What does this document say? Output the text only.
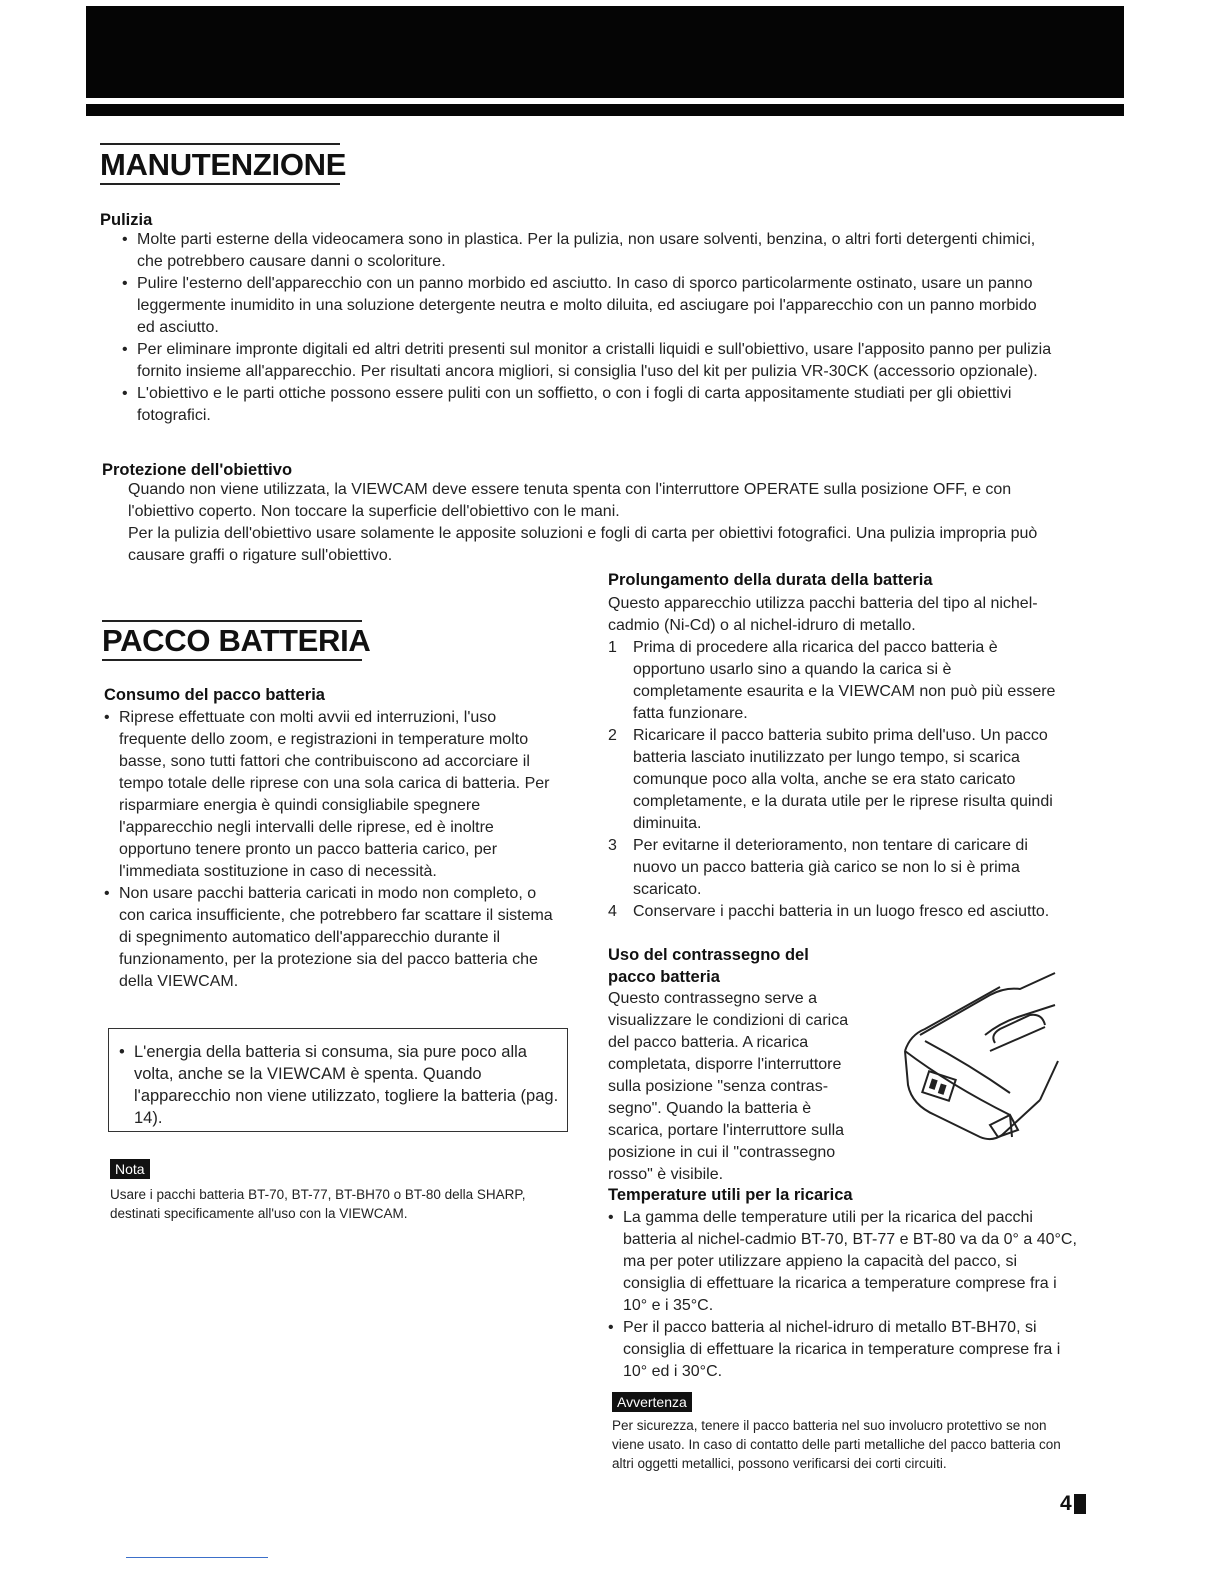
MANUTENZIONE
Pulizia

• Molte parti esterne della videocamera sono in plastica. Per la pulizia, non usare solventi, benzina, o altri forti detergenti chimici, che potrebbero causare danni o scoloriture.

• Pulire l'esterno dell'apparecchio con un panno morbido ed asciutto. In caso di sporco particolarmente ostinato, usare un panno leggermente inumidito in una soluzione detergente neutra e molto diluita, ed asciugare poi l'apparecchio con un panno morbido ed asciutto.

• Per eliminare impronte digitali ed altri detriti presenti sul monitor a cristalli liquidi e sull'obiettivo, usare l'apposito panno per pulizia fornito insieme all'apparecchio. Per risultati ancora migliori, si consiglia l'uso del kit per pulizia VR-30CK (accessorio opzionale).

• L'obiettivo e le parti ottiche possono essere puliti con un soffietto, o con i fogli di carta appositamente studiati per gli obiettivi fotografici.

Protezione dell'obiettivo

Quando non viene utilizzata, la VIEWCAM deve essere tenuta spenta con l'interruttore OPERATE sulla posizione OFF, e con l'obiettivo coperto. Non toccare la superficie dell'obiettivo con le mani.

Per la pulizia dell'obiettivo usare solamente le apposite soluzioni e fogli di carta per obiettivi fotografici. Una pulizia impropria può causare graffi o rigature sull'obiettivo.

PACCO BATTERIA
Consumo del pacco batteria

• Riprese effettuate con molti avvii ed interruzioni, l'uso frequente dello zoom, e registrazioni in temperature molto basse, sono tutti fattori che contribuiscono ad accorciare il tempo totale delle riprese con una sola carica di batteria. Per risparmiare energia è quindi consigliabile spegnere l'apparecchio negli intervalli delle riprese, ed è inoltre opportuno tenere pronto un pacco batteria carico, per l'immediata sostituzione in caso di necessità.

• Non usare pacchi batteria caricati in modo non completo, o con carica insufficiente, che potrebbero far scattare il sistema di spegnimento automatico dell'apparecchio durante il funzionamento, per la protezione sia del pacco batteria che della VIEWCAM.

• L'energia della batteria si consuma, sia pure poco alla volta, anche se la VIEWCAM è spenta. Quando l'apparecchio non viene utilizzato, togliere la batteria (pag. 14).

Nota

Usare i pacchi batteria BT-70, BT-77, BT-BH70 o BT-80 della SHARP, destinati specificamente all'uso con la VIEWCAM.

Prolungamento della durata della batteria

Questo apparecchio utilizza pacchi batteria del tipo al nichel-cadmio (Ni-Cd) o al nichel-idruro di metallo.

1	Prima di procedere alla ricarica del pacco batteria è opportuno usarlo sino a quando la carica si è completamente esaurita e la VIEWCAM non può più essere fatta funzionare.
2	Ricaricare il pacco batteria subito prima dell'uso. Un pacco batteria lasciato inutilizzato per lungo tempo, si scarica comunque poco alla volta, anche se era stato caricato completamente, e la durata utile per le riprese risulta quindi diminuita.
3	Per evitarne il deterioramento, non tentare di caricare di nuovo un pacco batteria già carico se non lo si è prima scaricato.
4	Conservare i pacchi batteria in un luogo fresco ed asciutto.
Uso del contrassegno del
pacco batteria

Questo contrassegno serve a

visualizzare le condizioni di carica

del pacco batteria. A ricarica

completata, disporre l'interruttore

sulla posizione "senza contras-

segno". Quando la batteria è

scarica, portare l'interruttore sulla

posizione in cui il "contrassegno

rosso" è visibile.

Temperature utili per la ricarica

• La gamma delle temperature utili per la ricarica del pacchi batteria al nichel-cadmio BT-70, BT-77 e BT-80 va da 0° a 40°C, ma per poter utilizzare appieno la capacità del pacco, si consiglia di effettuare la ricarica a temperature comprese fra i 10° e i 35°C.

• Per il pacco batteria al nichel-idruro di metallo BT-BH70, si consiglia di effettuare la ricarica in temperature comprese fra i 10° ed i 30°C.

Avvertenza

Per sicurezza, tenere il pacco batteria nel suo involucro protettivo se non viene usato. In caso di contatto delle parti metalliche del pacco batteria con altri oggetti metallici, possono verificarsi dei corti circuiti.

4
